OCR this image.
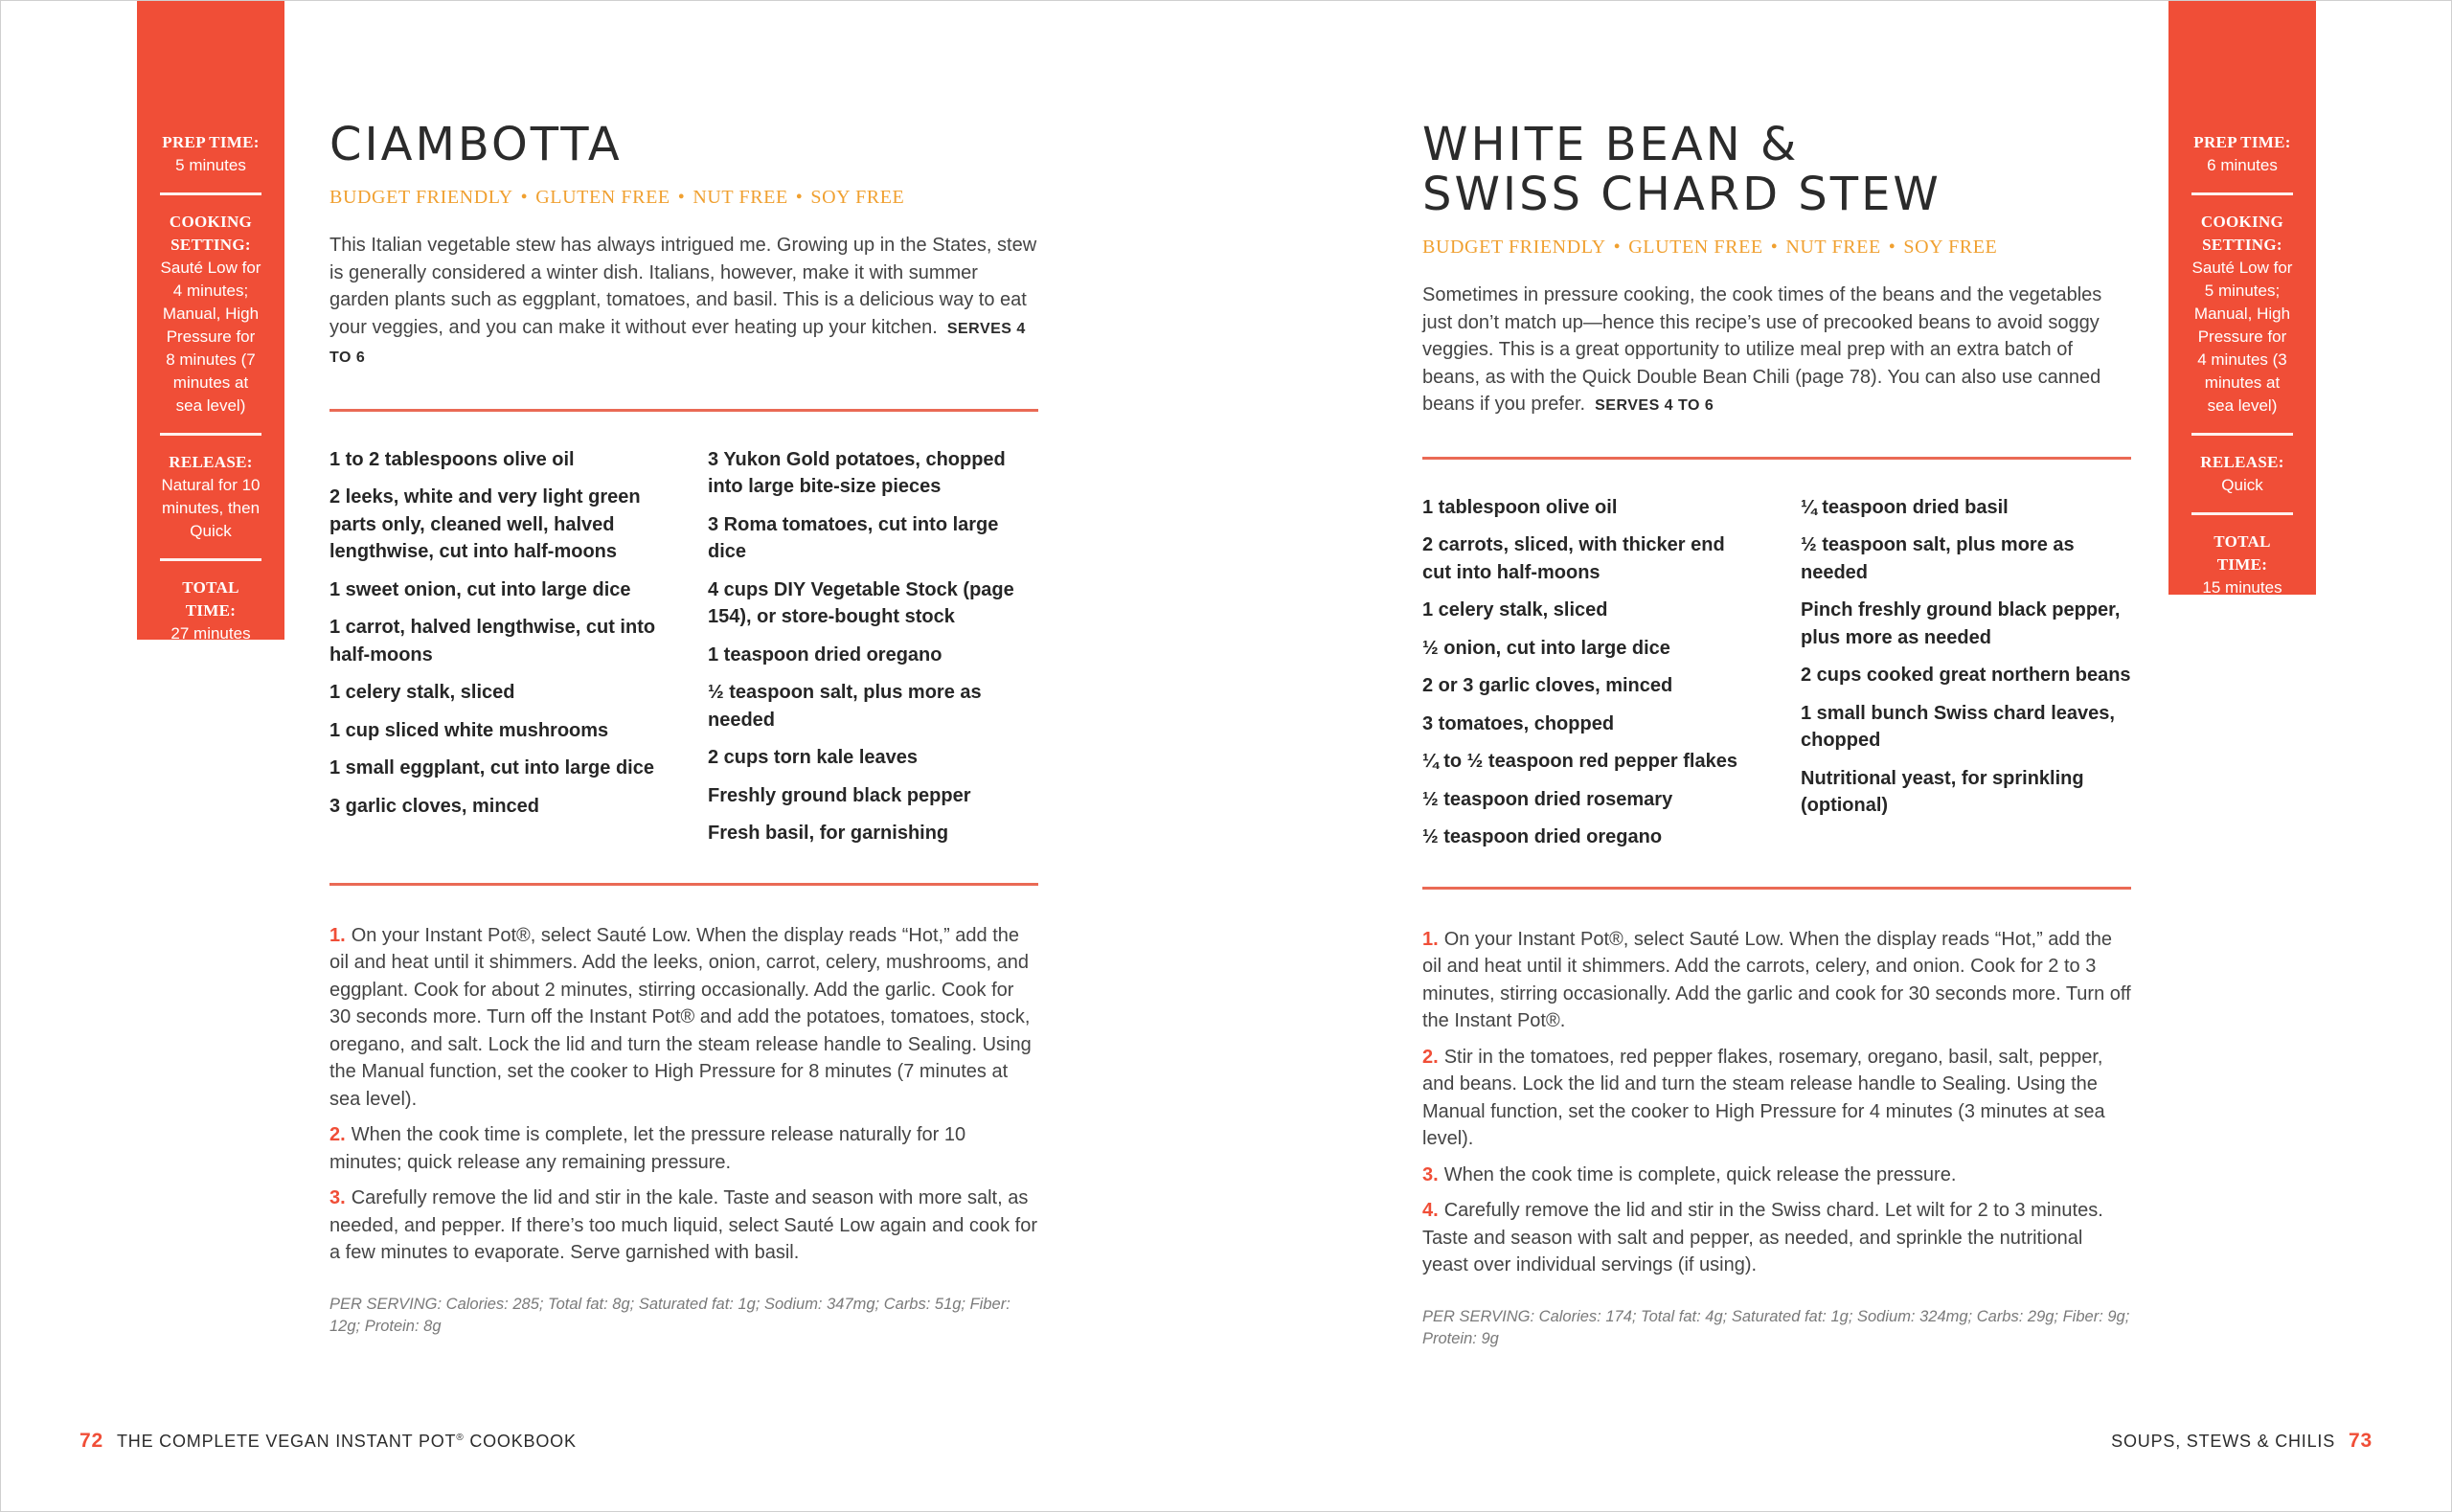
PREP TIME:
5 minutes
COOKING SETTING:
Sauté Low for 4 minutes; Manual, High Pressure for 8 minutes (7 minutes at sea level)
RELEASE:
Natural for 10 minutes, then Quick
TOTAL TIME:
27 minutes
CIAMBOTTA
BUDGET FRIENDLY • GLUTEN FREE • NUT FREE • SOY FREE
This Italian vegetable stew has always intrigued me. Growing up in the States, stew is generally considered a winter dish. Italians, however, make it with summer garden plants such as eggplant, tomatoes, and basil. This is a delicious way to eat your veggies, and you can make it without ever heating up your kitchen. SERVES 4 TO 6
1 to 2 tablespoons olive oil
2 leeks, white and very light green parts only, cleaned well, halved lengthwise, cut into half-moons
1 sweet onion, cut into large dice
1 carrot, halved lengthwise, cut into half-moons
1 celery stalk, sliced
1 cup sliced white mushrooms
1 small eggplant, cut into large dice
3 garlic cloves, minced
3 Yukon Gold potatoes, chopped into large bite-size pieces
3 Roma tomatoes, cut into large dice
4 cups DIY Vegetable Stock (page 154), or store-bought stock
1 teaspoon dried oregano
½ teaspoon salt, plus more as needed
2 cups torn kale leaves
Freshly ground black pepper
Fresh basil, for garnishing
1. On your Instant Pot®, select Sauté Low. When the display reads “Hot,” add the oil and heat until it shimmers. Add the leeks, onion, carrot, celery, mushrooms, and eggplant. Cook for about 2 minutes, stirring occasionally. Add the garlic. Cook for 30 seconds more. Turn off the Instant Pot® and add the potatoes, tomatoes, stock, oregano, and salt. Lock the lid and turn the steam release handle to Sealing. Using the Manual function, set the cooker to High Pressure for 8 minutes (7 minutes at sea level).
2. When the cook time is complete, let the pressure release naturally for 10 minutes; quick release any remaining pressure.
3. Carefully remove the lid and stir in the kale. Taste and season with more salt, as needed, and pepper. If there’s too much liquid, select Sauté Low again and cook for a few minutes to evaporate. Serve garnished with basil.
PER SERVING: Calories: 285; Total fat: 8g; Saturated fat: 1g; Sodium: 347mg; Carbs: 51g; Fiber: 12g; Protein: 8g
72 THE COMPLETE VEGAN INSTANT POT® COOKBOOK
WHITE BEAN &
SWISS CHARD STEW
BUDGET FRIENDLY • GLUTEN FREE • NUT FREE • SOY FREE
Sometimes in pressure cooking, the cook times of the beans and the vegetables just don’t match up—hence this recipe’s use of precooked beans to avoid soggy veggies. This is a great opportunity to utilize meal prep with an extra batch of beans, as with the Quick Double Bean Chili (page 78). You can also use canned beans if you prefer. SERVES 4 TO 6
1 tablespoon olive oil
2 carrots, sliced, with thicker end cut into half-moons
1 celery stalk, sliced
½ onion, cut into large dice
2 or 3 garlic cloves, minced
3 tomatoes, chopped
¼ to ½ teaspoon red pepper flakes
½ teaspoon dried rosemary
½ teaspoon dried oregano
¼ teaspoon dried basil
½ teaspoon salt, plus more as needed
Pinch freshly ground black pepper, plus more as needed
2 cups cooked great northern beans
1 small bunch Swiss chard leaves, chopped
Nutritional yeast, for sprinkling (optional)
1. On your Instant Pot®, select Sauté Low. When the display reads “Hot,” add the oil and heat until it shimmers. Add the carrots, celery, and onion. Cook for 2 to 3 minutes, stirring occasionally. Add the garlic and cook for 30 seconds more. Turn off the Instant Pot®.
2. Stir in the tomatoes, red pepper flakes, rosemary, oregano, basil, salt, pepper, and beans. Lock the lid and turn the steam release handle to Sealing. Using the Manual function, set the cooker to High Pressure for 4 minutes (3 minutes at sea level).
3. When the cook time is complete, quick release the pressure.
4. Carefully remove the lid and stir in the Swiss chard. Let wilt for 2 to 3 minutes. Taste and season with salt and pepper, as needed, and sprinkle the nutritional yeast over individual servings (if using).
PER SERVING: Calories: 174; Total fat: 4g; Saturated fat: 1g; Sodium: 324mg; Carbs: 29g; Fiber: 9g; Protein: 9g
PREP TIME:
6 minutes
COOKING SETTING:
Sauté Low for 5 minutes; Manual, High Pressure for 4 minutes (3 minutes at sea level)
RELEASE:
Quick
TOTAL TIME:
15 minutes
SOUPS, STEWS & CHILIS 73
